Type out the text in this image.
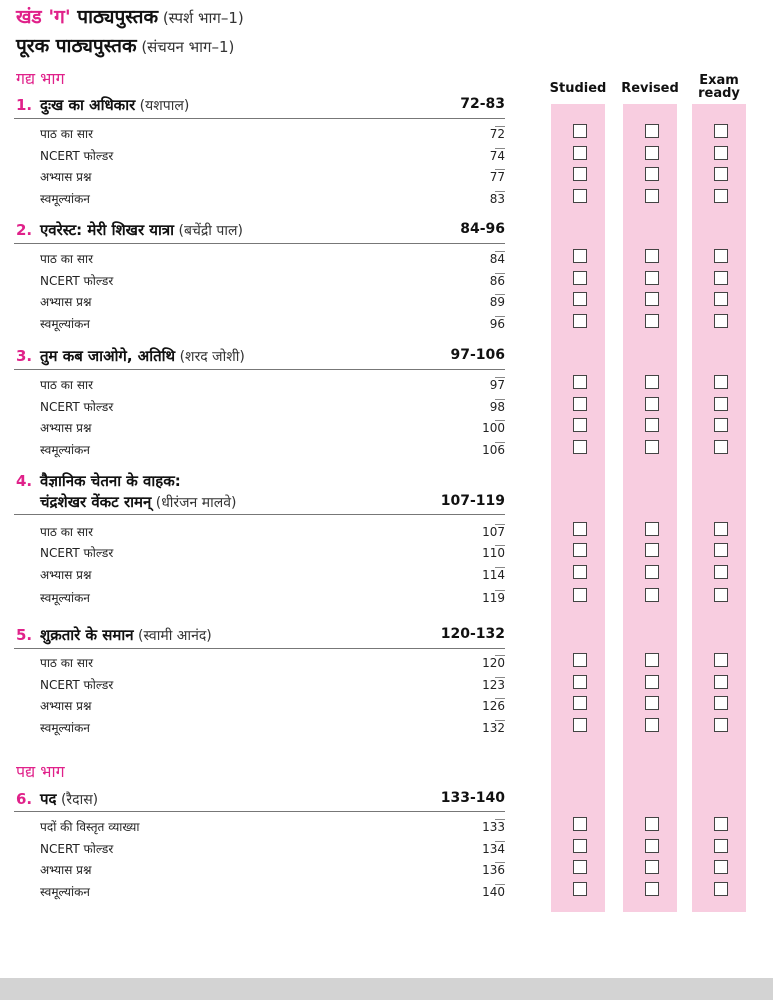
खंड 'ग' पाठ्यपुस्तक (स्पर्श भाग–1)
पूरक पाठ्यपुस्तक (संचयन भाग–1)
गद्य भाग
पद्य भाग
Studied Revised
Exam
ready
1. दुःख का अधिकार (यशपाल)	72-83
पाठ का सार	72
NCERT फोल्डर	74
अभ्यास प्रश्न	77
स्वमूल्यांकन	83
2. एवरेस्ट: मेरी शिखर यात्रा (बचेंद्री पाल)	84-96
पाठ का सार	84
NCERT फोल्डर	86
अभ्यास प्रश्न	89
स्वमूल्यांकन	96
3. तुम कब जाओगे, अतिथि (शरद जोशी)	97-106
पाठ का सार	97
NCERT फोल्डर	98
अभ्यास प्रश्न	100
स्वमूल्यांकन	106
4. वैज्ञानिक चेतना के वाहक:
चंद्रशेखर वेंकट रामन् (धीरंजन मालवे)	107-119
पाठ का सार	107
NCERT फोल्डर	110
अभ्यास प्रश्न	114
स्वमूल्यांकन	119
5. शुक्रतारे के समान (स्वामी आनंद)	120-132
पाठ का सार	120
NCERT फोल्डर	123
अभ्यास प्रश्न	126
स्वमूल्यांकन	132
6. पद (रैदास)	133-140
पदों की विस्तृत व्याख्या	133
NCERT फोल्डर	134
अभ्यास प्रश्न	136
स्वमूल्यांकन	140
